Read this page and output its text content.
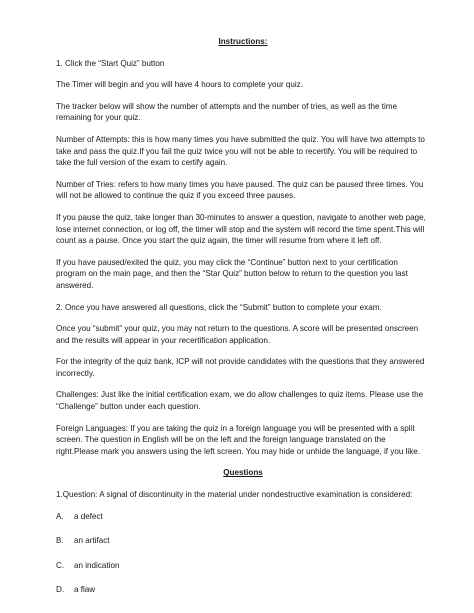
Instructions:

1. Click the “Start Quiz” button

The Timer will begin and you will have 4 hours to complete your quiz.

The tracker below will show the number of attempts and the number of tries, as well as the time remaining for your quiz.

Number of Attempts: this is how many times you have submitted the quiz. You will have two attempts to take and pass the quiz.If you fail the quiz twice you will not be able to recertify. You will be required to take the full version of the exam to certify again.

Number of Tries: refers to how many times you have paused. The quiz can be paused three times. You will not be allowed to continue the quiz if you exceed three pauses.

If you pause the quiz, take longer than 30-minutes to answer a question, navigate to another web page, lose internet connection, or log off, the timer will stop and the system will record the time spent.This will count as a pause. Once you start the quiz again, the timer will resume from where it left off.

If you have paused/exited the quiz, you may click the “Continue” button next to your certification program on the main page, and then the “Star Quiz” button below to return to the question you last answered.

2. Once you have answered all questions, click the “Submit” button to complete your exam.

Once you “submit” your quiz, you may not return to the questions. A score will be presented onscreen and the results will appear in your recertification application.

For the integrity of the quiz bank, ICP will not provide candidates with the questions that they answered incorrectly.

Challenges: Just like the initial certification exam, we do allow challenges to quiz items. Please use the “Challenge” button under each question.

Foreign Languages: If you are taking the quiz in a foreign language you will be presented with a split screen. The question in English will be on the left and the foreign language translated on the right.Please mark you answers using the left screen. You may hide or unhide the language, if you like.

Questions

1.Question: A signal of discontinuity in the material under nondestructive examination is considered:

A.	a defect
B.	an artifact
C.	an indication
D.	a flaw
